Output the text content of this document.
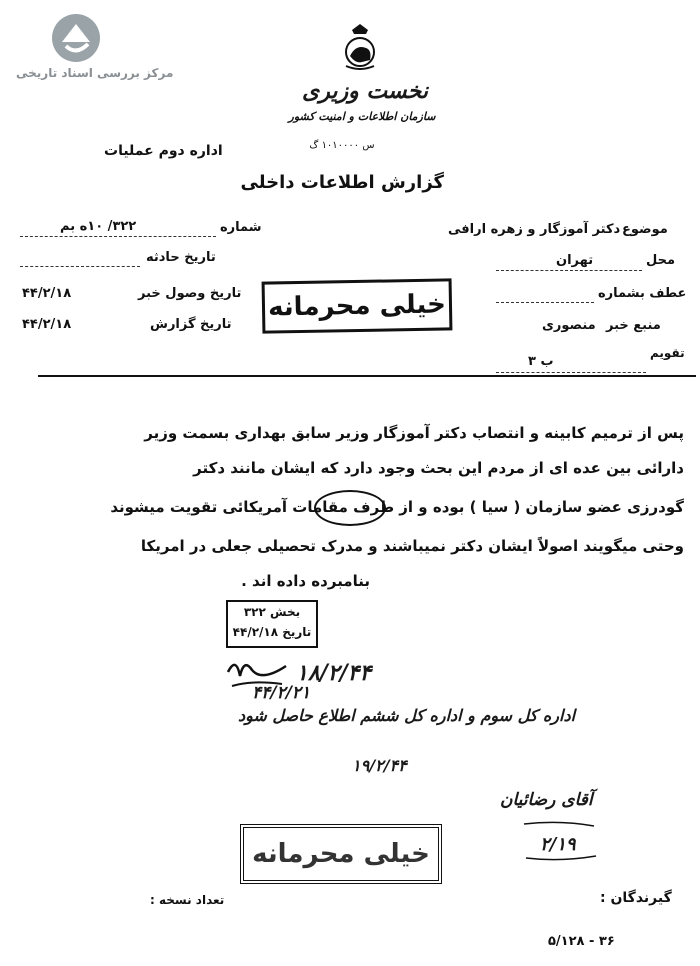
مرکز بررسی اسناد تاریخی
نخست وزیری
سازمان اطلاعات و امنیت کشور
س ۱۰۱۰۰۰۰ گ
اداره دوم عملیات
گزارش اطلاعات داخلی
شماره
۳۲۲/ ۱۰ه بم
تاریخ حادثه
تاریخ وصول خبر
۴۴/۲/۱۸
تاریخ گزارش
۴۴/۲/۱۸
دکتر آموزگار و زهره ارافی موضوع
تهران	محل
عطف بشماره
منصوری منبع خبر
تقویم
ب ۳
خیلی محرمانه
پس از ترمیم کابینه و انتصاب دکتر آموزگار وزیر سابق بهداری بسمت وزیر
دارائی بین عده ای از مردم این بحث وجود دارد که ایشان مانند دکتر
گودرزی عضو سازمان ( سیا ) بوده و از طرف مقامات آمریکائی تقویت میشوند
وحتی میگویند اصولاً ایشان دکتر نمیباشند و مدرک تحصیلی جعلی در امریکا
بنامبرده داده اند .
بخش ۳۲۲
تاریخ ۴۴/۲/۱۸
۱۸/۲/۴۴
۴۴/۲/۲۱
اداره کل سوم و اداره کل ششم اطلاع حاصل شود
۱۹/۲/۴۴
آقای رضائیان
۲/۱۹
خیلی محرمانه
گیرندگان :
تعداد نسخه :
۵/۱۲۸ - ۳۶
